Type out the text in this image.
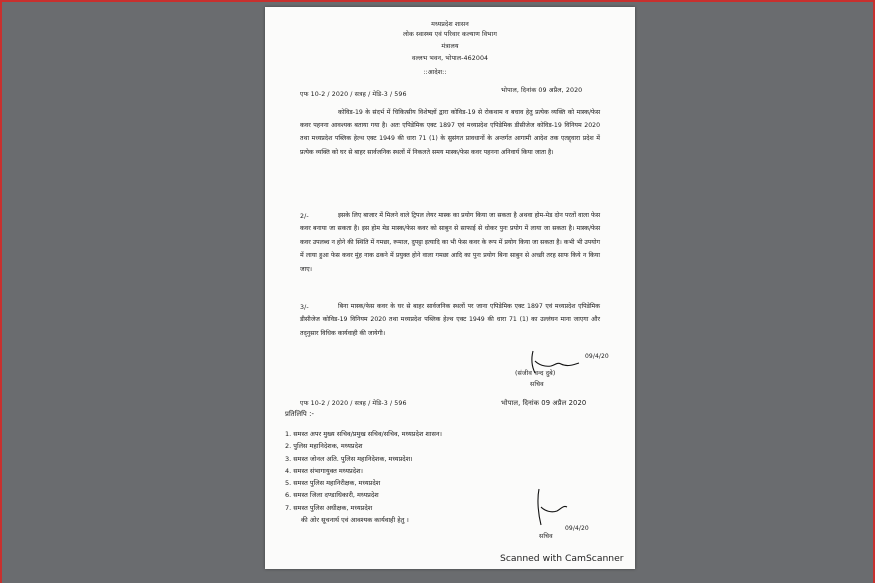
मध्यप्रदेश शासन
लोक स्वास्थ्य एवं परिवार कल्याण विभाग
मंत्रालय
वल्लभ भवन, भोपाल-462004
::आदेश::
एफ 10-2 / 2020 / सत्रह / मेडि-3 / 596
भोपाल, दिनांक 09 अप्रैल, 2020
कोविड-19 के संदर्भ में चिकित्सीय विशेषज्ञों द्वारा कोविड-19 से रोकथाम व बचाव हेतु प्रत्येक व्यक्ति को मास्क/फेस कवर पहनना आवश्यक बताया गया है। अतः एपिडेमिक एक्ट 1897 एवं मध्यप्रदेश एपिडेमिक डीसीजेज कोविड-19 विनियम 2020 तथा मध्यप्रदेश पब्लिक हेल्थ एक्ट 1949 की धारा 71 (1) के सुसंगत प्रावधानों के अन्तर्गत आगामी आदेश तक एतद्द्वारा प्रदेश में प्रत्येक व्यक्ति को घर से बाहर सार्वजनिक स्थलों में निकलते समय मास्क/फेस कवर पहनना अनिवार्य किया जाता है।
2/-	इसके लिए बाजार में मिलने वाले ट्रिपल लेयर मास्क का प्रयोग किया जा सकता है अथवा होम-मेड दोन परतों वाला फेस कवर बनाया जा सकता है। इस होम मेड मास्क/फेस कवर को साबुन से साफाई से धोकर पुनः प्रयोग में लाया जा सकता है। मास्क/फेस कवर उपलब्ध न होने की स्थिति में गमछा, रूमाल, दुपट्टा इत्यादि का भी फेस कवर के रूप में प्रयोग किया जा सकता है। कभी भी उपयोग में लाया हुआ फेस कवर मुंह नाक ढकने में प्रयुक्त होने वाला गमछा आदि का पुनः प्रयोग बिना साबुन से अच्छी तरह साफ किये न किया जाए।
3/-	बिना मास्क/फेस कवर के घर से बाहर सार्वजनिक स्थलों पर जाना एपिडेमिक एक्ट 1897 एवं मध्यप्रदेश एपिडेमिक डीसीजेज कोविड-19 विनियम 2020 तथा मध्यप्रदेश पब्लिक हेल्थ एक्ट 1949 की धारा 71 (1) का उल्लंघन माना जाएगा और तद्नुसार विधिक कार्यवाही की जायेगी।
09/4/20
(संजीव चन्द दुबे)
सचिव
एफ 10-2 / 2020 / सत्रह / मेडि-3 / 596	भोपाल, दिनांक 09 अप्रैल 2020
प्रतिलिपि :-
1. समस्त अपर मुख्य सचिव/प्रमुख सचिव/सचिव, मध्यप्रदेश शासन।
2. पुलिस महानिदेशक, मध्यप्रदेश
3. समस्त जोनल अति. पुलिस महानिदेशक, मध्यप्रदेश।
4. समस्त संभागायुक्त मध्यप्रदेश।
5. समस्त पुलिस महानिरीक्षक, मध्यप्रदेश
6. समस्त जिला दण्डाधिकारी, मध्यप्रदेश
7. समस्त पुलिस अधीक्षक, मध्यप्रदेश
की ओर सूचनार्थ एवं आवश्यक कार्यवाही हेतु ।
09/4/20
सचिव
Scanned with CamScanner
